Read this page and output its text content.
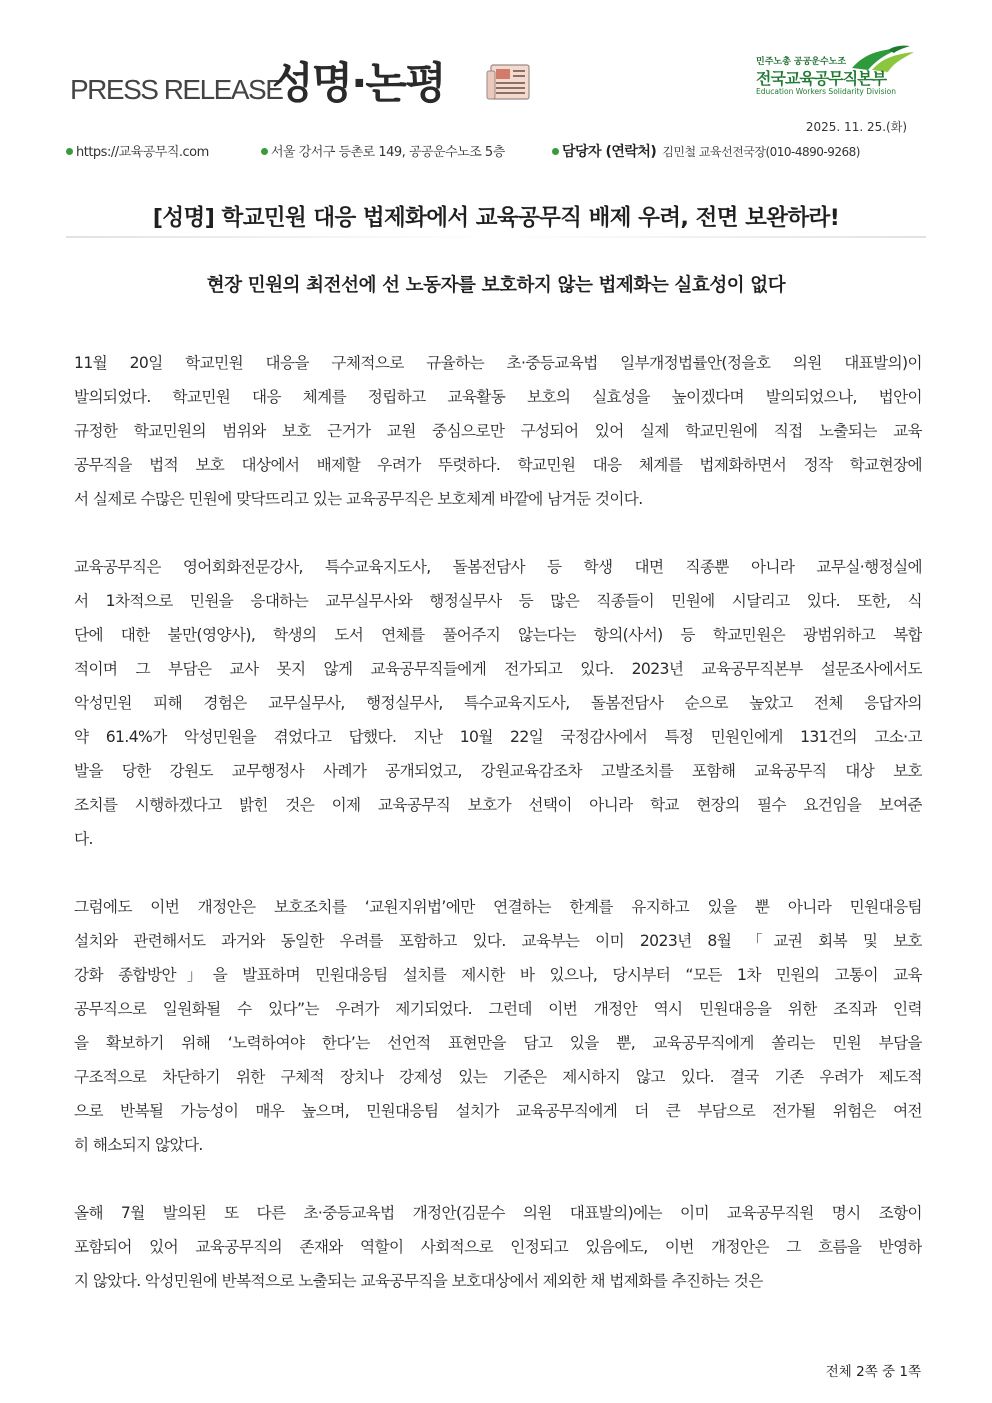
PRESS RELEASE
성명·논평	민주노총 공공운수노조
전국교육공무직본부
Education Workers Solidarity Division
2025. 11. 25.(화)
https://교육공무직.com	서울 강서구 등촌로 149, 공공운수노조 5층	담당자 (연락처) 김민철 교육선전국장(010-4890-9268)
[성명] 학교민원 대응 법제화에서 교육공무직 배제 우려, 전면 보완하라!
현장 민원의 최전선에 선 노동자를 보호하지 않는 법제화는 실효성이 없다
11월 20일 학교민원 대응을 구체적으로 규율하는 초·중등교육법 일부개정법률안(정을호 의원 대표발의)이
발의되었다. 학교민원 대응 체계를 정립하고 교육활동 보호의 실효성을 높이겠다며 발의되었으나, 법안이
규정한 학교민원의 범위와 보호 근거가 교원 중심으로만 구성되어 있어 실제 학교민원에 직접 노출되는 교육
공무직을 법적 보호 대상에서 배제할 우려가 뚜렷하다. 학교민원 대응 체계를 법제화하면서 정작 학교현장에
서 실제로 수많은 민원에 맞닥뜨리고 있는 교육공무직은 보호체계 바깥에 남겨둔 것이다.
교육공무직은 영어회화전문강사, 특수교육지도사, 돌봄전담사 등 학생 대면 직종뿐 아니라 교무실·행정실에
서 1차적으로 민원을 응대하는 교무실무사와 행정실무사 등 많은 직종들이 민원에 시달리고 있다. 또한, 식
단에 대한 불만(영양사), 학생의 도서 연체를 풀어주지 않는다는 항의(사서) 등 학교민원은 광범위하고 복합
적이며 그 부담은 교사 못지 않게 교육공무직들에게 전가되고 있다. 2023년 교육공무직본부 설문조사에서도
악성민원 피해 경험은 교무실무사, 행정실무사, 특수교육지도사, 돌봄전담사 순으로 높았고 전체 응답자의
약 61.4%가 악성민원을 겪었다고 답했다. 지난 10월 22일 국정감사에서 특정 민원인에게 131건의 고소·고
발을 당한 강원도 교무행정사 사례가 공개되었고, 강원교육감조차 고발조치를 포함해 교육공무직 대상 보호
조치를 시행하겠다고 밝힌 것은 이제 교육공무직 보호가 선택이 아니라 학교 현장의 필수 요건임을 보여준
다.
그럼에도 이번 개정안은 보호조치를 ‘교원지위법’에만 연결하는 한계를 유지하고 있을 뿐 아니라 민원대응팀
설치와 관련해서도 과거와 동일한 우려를 포함하고 있다. 교육부는 이미 2023년 8월 「교권 회복 및 보호
강화 종합방안」을 발표하며 민원대응팀 설치를 제시한 바 있으나, 당시부터 “모든 1차 민원의 고통이 교육
공무직으로 일원화될 수 있다”는 우려가 제기되었다. 그런데 이번 개정안 역시 민원대응을 위한 조직과 인력
을 확보하기 위해 ‘노력하여야 한다’는 선언적 표현만을 담고 있을 뿐, 교육공무직에게 쏠리는 민원 부담을
구조적으로 차단하기 위한 구체적 장치나 강제성 있는 기준은 제시하지 않고 있다. 결국 기존 우려가 제도적
으로 반복될 가능성이 매우 높으며, 민원대응팀 설치가 교육공무직에게 더 큰 부담으로 전가될 위험은 여전
히 해소되지 않았다.
올해 7월 발의된 또 다른 초·중등교육법 개정안(김문수 의원 대표발의)에는 이미 교육공무직원 명시 조항이
포함되어 있어 교육공무직의 존재와 역할이 사회적으로 인정되고 있음에도, 이번 개정안은 그 흐름을 반영하
지 않았다. 악성민원에 반복적으로 노출되는 교육공무직을 보호대상에서 제외한 채 법제화를 추진하는 것은
전체 2쪽 중 1쪽
